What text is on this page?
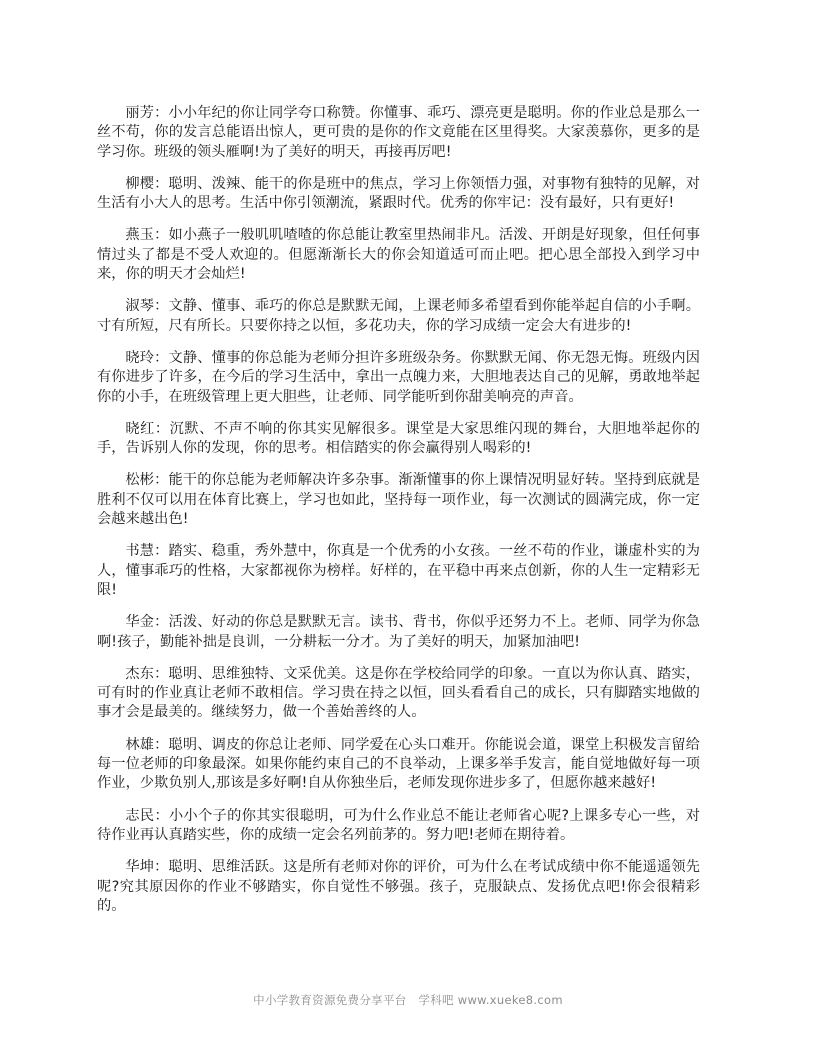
丽芳：小小年纪的你让同学夸口称赞。你懂事、乖巧、漂亮更是聪明。你的作业总是那么一丝不苟，你的发言总能语出惊人，更可贵的是你的作文竟能在区里得奖。大家羡慕你，更多的是学习你。班级的领头雁啊!为了美好的明天，再接再厉吧!

柳樱：聪明、泼辣、能干的你是班中的焦点，学习上你领悟力强，对事物有独特的见解，对生活有小大人的思考。生活中你引领潮流，紧跟时代。优秀的你牢记：没有最好，只有更好!

燕玉：如小燕子一般叽叽喳喳的你总能让教室里热闹非凡。活泼、开朗是好现象，但任何事情过头了都是不受人欢迎的。但愿渐渐长大的你会知道适可而止吧。把心思全部投入到学习中来，你的明天才会灿烂!

淑琴：文静、懂事、乖巧的你总是默默无闻，上课老师多希望看到你能举起自信的小手啊。寸有所短，尺有所长。只要你持之以恒，多花功夫，你的学习成绩一定会大有进步的!

晓玲：文静、懂事的你总能为老师分担许多班级杂务。你默默无闻、你无怨无悔。班级内因有你进步了许多，在今后的学习生活中，拿出一点魄力来，大胆地表达自己的见解，勇敢地举起你的小手，在班级管理上更大胆些，让老师、同学能听到你甜美响亮的声音。

晓红：沉默、不声不响的你其实见解很多。课堂是大家思维闪现的舞台，大胆地举起你的手，告诉别人你的发现，你的思考。相信踏实的你会赢得别人喝彩的!

松彬：能干的你总能为老师解决许多杂事。渐渐懂事的你上课情况明显好转。坚持到底就是胜利不仅可以用在体育比赛上，学习也如此，坚持每一项作业，每一次测试的圆满完成，你一定会越来越出色!

书慧：踏实、稳重，秀外慧中，你真是一个优秀的小女孩。一丝不苟的作业，谦虚朴实的为人，懂事乖巧的性格，大家都视你为榜样。好样的，在平稳中再来点创新，你的人生一定精彩无限!

华金：活泼、好动的你总是默默无言。读书、背书，你似乎还努力不上。老师、同学为你急啊!孩子，勤能补拙是良训，一分耕耘一分才。为了美好的明天，加紧加油吧!

杰东：聪明、思维独特、文采优美。这是你在学校给同学的印象。一直以为你认真、踏实，可有时的作业真让老师不敢相信。学习贵在持之以恒，回头看看自己的成长，只有脚踏实地做的事才会是最美的。继续努力，做一个善始善终的人。

林雄：聪明、调皮的你总让老师、同学爱在心头口难开。你能说会道，课堂上积极发言留给每一位老师的印象最深。如果你能约束自己的不良举动，上课多举手发言，能自觉地做好每一项作业，少欺负别人,那该是多好啊!自从你独坐后，老师发现你进步多了，但愿你越来越好!

志民：小小个子的你其实很聪明，可为什么作业总不能让老师省心呢?上课多专心一些，对待作业再认真踏实些，你的成绩一定会名列前茅的。努力吧!老师在期待着。

华坤：聪明、思维活跃。这是所有老师对你的评价，可为什么在考试成绩中你不能遥遥领先呢?究其原因你的作业不够踏实，你自觉性不够强。孩子，克服缺点、发扬优点吧!你会很精彩的。

中小学教育资源免费分享平台   学科吧 www.xueke8.com
